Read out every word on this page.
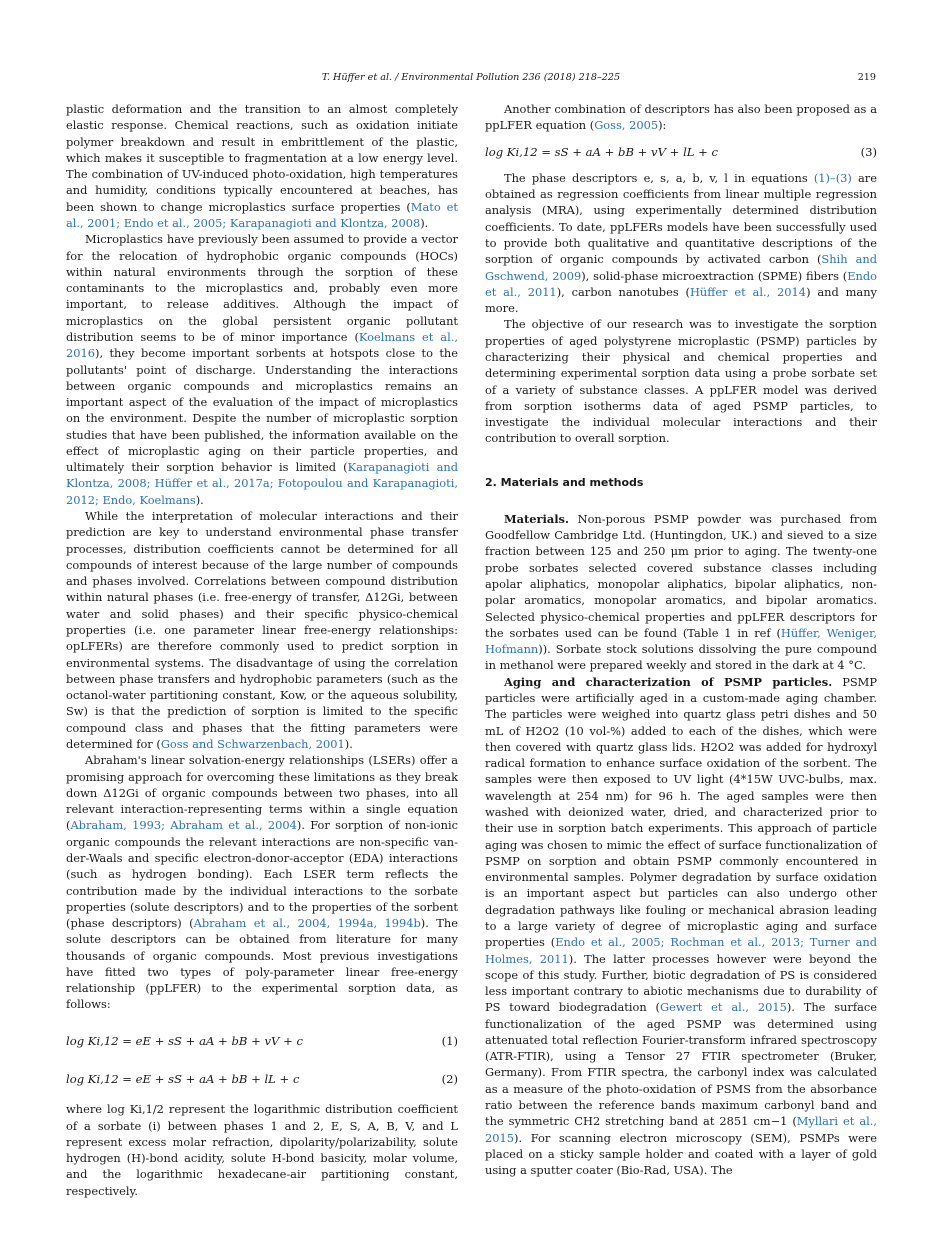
T. Hüffer et al. / Environmental Pollution 236 (2018) 218–225	219

plastic deformation and the transition to an almost completely elastic response. Chemical reactions, such as oxidation initiate polymer breakdown and result in embrittlement of the plastic, which makes it susceptible to fragmentation at a low energy level. The combination of UV-induced photo-oxidation, high temperatures and humidity, conditions typically encountered at beaches, has been shown to change microplastics surface properties (Mato et al., 2001; Endo et al., 2005; Karapanagioti and Klontza, 2008).

Microplastics have previously been assumed to provide a vector for the relocation of hydrophobic organic compounds (HOCs) within natural environments through the sorption of these contaminants to the microplastics and, probably even more important, to release additives. Although the impact of microplastics on the global persistent organic pollutant distribution seems to be of minor importance (Koelmans et al., 2016), they become important sorbents at hotspots close to the pollutants' point of discharge. Understanding the interactions between organic compounds and microplastics remains an important aspect of the evaluation of the impact of microplastics on the environment. Despite the number of microplastic sorption studies that have been published, the information available on the effect of microplastic aging on their particle properties, and ultimately their sorption behavior is limited (Karapanagioti and Klontza, 2008; Hüffer et al., 2017a; Fotopoulou and Karapanagioti, 2012; Endo, Koelmans).

While the interpretation of molecular interactions and their prediction are key to understand environmental phase transfer processes, distribution coefficients cannot be determined for all compounds of interest because of the large number of compounds and phases involved. Correlations between compound distribution within natural phases (i.e. free-energy of transfer, Δ12Gi, between water and solid phases) and their specific physico-chemical properties (i.e. one parameter linear free-energy relationships: opLFERs) are therefore commonly used to predict sorption in environmental systems. The disadvantage of using the correlation between phase transfers and hydrophobic parameters (such as the octanol-water partitioning constant, Kow, or the aqueous solubility, Sw) is that the prediction of sorption is limited to the specific compound class and phases that the fitting parameters were determined for (Goss and Schwarzenbach, 2001).

Abraham's linear solvation-energy relationships (LSERs) offer a promising approach for overcoming these limitations as they break down Δ12Gi of organic compounds between two phases, into all relevant interaction-representing terms within a single equation (Abraham, 1993; Abraham et al., 2004). For sorption of non-ionic organic compounds the relevant interactions are non-specific van-der-Waals and specific electron-donor-acceptor (EDA) interactions (such as hydrogen bonding). Each LSER term reflects the contribution made by the individual interactions to the sorbate properties (solute descriptors) and to the properties of the sorbent (phase descriptors) (Abraham et al., 2004, 1994a, 1994b). The solute descriptors can be obtained from literature for many thousands of organic compounds. Most previous investigations have fitted two types of poly-parameter linear free-energy relationship (ppLFER) to the experimental sorption data, as follows:

log Ki,12 = eE + sS + aA + bB + vV + c	(1)
log Ki,12 = eE + sS + aA + bB + lL + c	(2)

where log Ki,1/2 represent the logarithmic distribution coefficient of a sorbate (i) between phases 1 and 2, E, S, A, B, V, and L represent excess molar refraction, dipolarity/polarizability, solute hydrogen (H)-bond acidity, solute H-bond basicity, molar volume, and the logarithmic hexadecane-air partitioning constant, respectively.

Another combination of descriptors has also been proposed as a ppLFER equation (Goss, 2005):

log Ki,12 = sS + aA + bB + vV + lL + c	(3)

The phase descriptors e, s, a, b, v, l in equations (1)–(3) are obtained as regression coefficients from linear multiple regression analysis (MRA), using experimentally determined distribution coefficients. To date, ppLFERs models have been successfully used to provide both qualitative and quantitative descriptions of the sorption of organic compounds by activated carbon (Shih and Gschwend, 2009), solid-phase microextraction (SPME) fibers (Endo et al., 2011), carbon nanotubes (Hüffer et al., 2014) and many more.

The objective of our research was to investigate the sorption properties of aged polystyrene microplastic (PSMP) particles by characterizing their physical and chemical properties and determining experimental sorption data using a probe sorbate set of a variety of substance classes. A ppLFER model was derived from sorption isotherms data of aged PSMP particles, to investigate the individual molecular interactions and their contribution to overall sorption.

2. Materials and methods

Materials. Non-porous PSMP powder was purchased from Goodfellow Cambridge Ltd. (Huntingdon, UK.) and sieved to a size fraction between 125 and 250 μm prior to aging. The twenty-one probe sorbates selected covered substance classes including apolar aliphatics, monopolar aliphatics, bipolar aliphatics, non-polar aromatics, monopolar aromatics, and bipolar aromatics. Selected physico-chemical properties and ppLFER descriptors for the sorbates used can be found (Table 1 in ref (Hüffer, Weniger, Hofmann)). Sorbate stock solutions dissolving the pure compound in methanol were prepared weekly and stored in the dark at 4 °C.

Aging and characterization of PSMP particles. PSMP particles were artificially aged in a custom-made aging chamber. The particles were weighed into quartz glass petri dishes and 50 mL of H2O2 (10 vol-%) added to each of the dishes, which were then covered with quartz glass lids. H2O2 was added for hydroxyl radical formation to enhance surface oxidation of the sorbent. The samples were then exposed to UV light (4*15W UVC-bulbs, max. wavelength at 254 nm) for 96 h. The aged samples were then washed with deionized water, dried, and characterized prior to their use in sorption batch experiments. This approach of particle aging was chosen to mimic the effect of surface functionalization of PSMP on sorption and obtain PSMP commonly encountered in environmental samples. Polymer degradation by surface oxidation is an important aspect but particles can also undergo other degradation pathways like fouling or mechanical abrasion leading to a large variety of degree of microplastic aging and surface properties (Endo et al., 2005; Rochman et al., 2013; Turner and Holmes, 2011). The latter processes however were beyond the scope of this study. Further, biotic degradation of PS is considered less important contrary to abiotic mechanisms due to durability of PS toward biodegradation (Gewert et al., 2015). The surface functionalization of the aged PSMP was determined using attenuated total reflection Fourier-transform infrared spectroscopy (ATR-FTIR), using a Tensor 27 FTIR spectrometer (Bruker, Germany). From FTIR spectra, the carbonyl index was calculated as a measure of the photo-oxidation of PSMS from the absorbance ratio between the reference bands maximum carbonyl band and the symmetric CH2 stretching band at 2851 cm−1 (Myllari et al., 2015). For scanning electron microscopy (SEM), PSMPs were placed on a sticky sample holder and coated with a layer of gold using a sputter coater (Bio-Rad, USA). The
